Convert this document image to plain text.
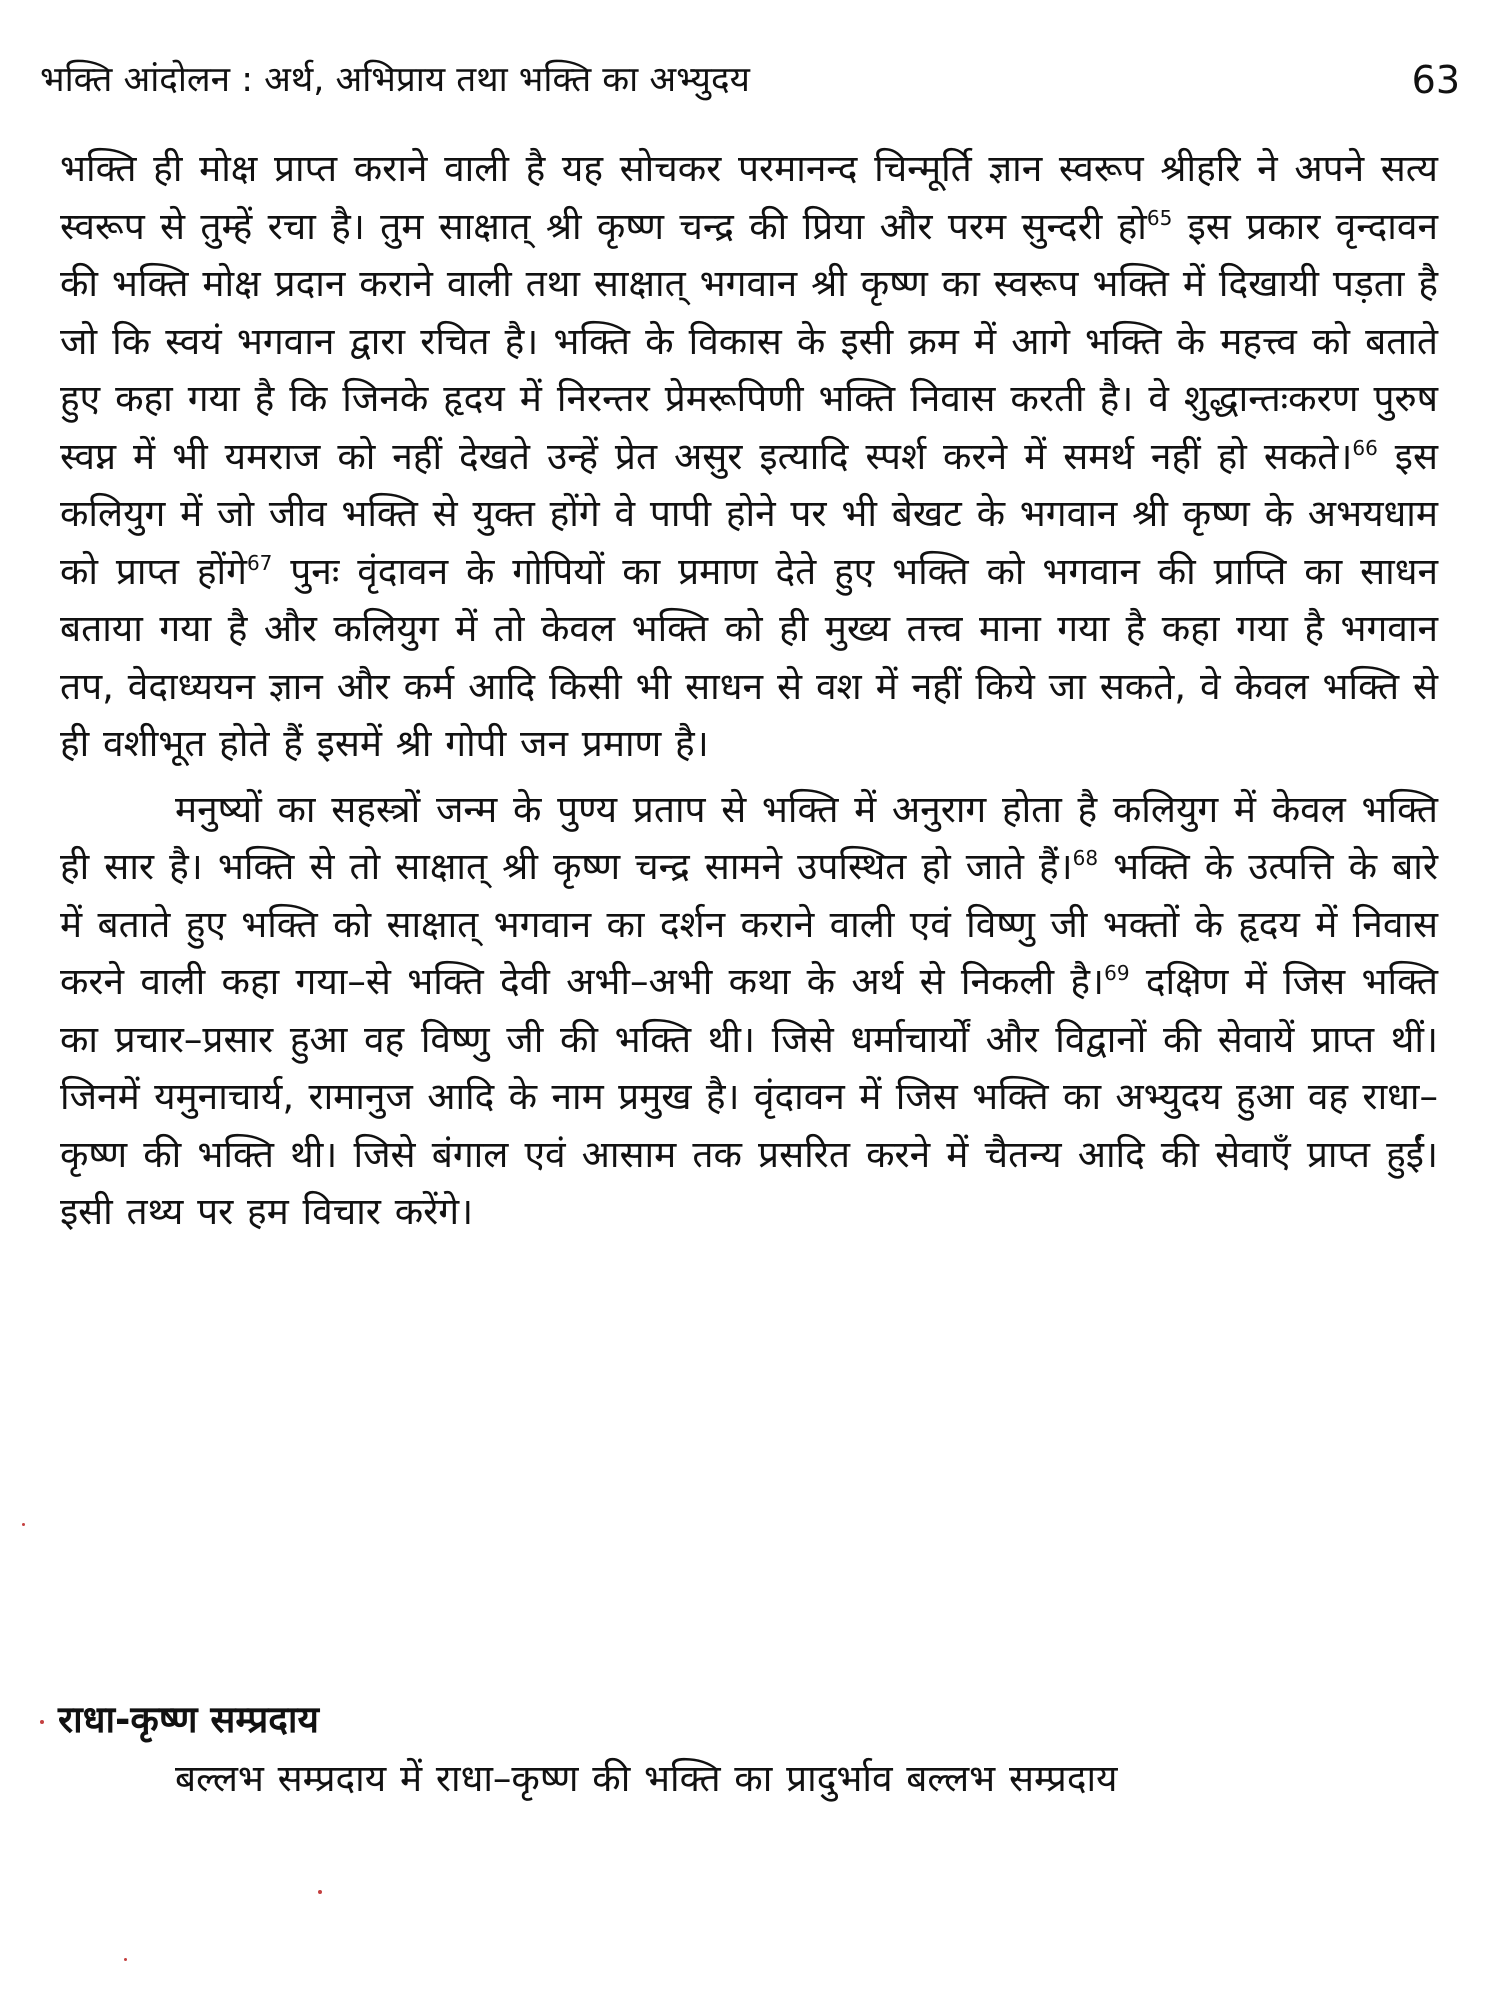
भक्ति आंदोलन : अर्थ, अभिप्राय तथा भक्ति का अभ्युदय	63

भक्ति ही मोक्ष प्राप्त कराने वाली है यह सोचकर परमानन्द चिन्मूर्ति ज्ञान स्वरूप श्रीहरि ने अपने सत्य स्वरूप से तुम्हें रचा है। तुम साक्षात् श्री कृष्ण चन्द्र की प्रिया और परम सुन्दरी हो$^{65}$ इस प्रकार वृन्दावन की भक्ति मोक्ष प्रदान कराने वाली तथा साक्षात् भगवान श्री कृष्ण का स्वरूप भक्ति में दिखायी पड़ता है जो कि स्वयं भगवान द्वारा रचित है। भक्ति के विकास के इसी क्रम में आगे भक्ति के महत्त्व को बताते हुए कहा गया है कि जिनके हृदय में निरन्तर प्रेमरूपिणी भक्ति निवास करती है। वे शुद्धान्तःकरण पुरुष स्वप्न में भी यमराज को नहीं देखते उन्हें प्रेत असुर इत्यादि स्पर्श करने में समर्थ नहीं हो सकते।$^{66}$ इस कलियुग में जो जीव भक्ति से युक्त होंगे वे पापी होने पर भी बेखट के भगवान श्री कृष्ण के अभयधाम को प्राप्त होंगे$^{67}$ पुनः वृंदावन के गोपियों का प्रमाण देते हुए भक्ति को भगवान की प्राप्ति का साधन बताया गया है और कलियुग में तो केवल भक्ति को ही मुख्य तत्त्व माना गया है कहा गया है भगवान तप, वेदाध्ययन ज्ञान और कर्म आदि किसी भी साधन से वश में नहीं किये जा सकते, वे केवल भक्ति से ही वशीभूत होते हैं इसमें श्री गोपी जन प्रमाण है।

मनुष्यों का सहस्त्रों जन्म के पुण्य प्रताप से भक्ति में अनुराग होता है कलियुग में केवल भक्ति ही सार है। भक्ति से तो साक्षात् श्री कृष्ण चन्द्र सामने उपस्थित हो जाते हैं।$^{68}$ भक्ति के उत्पत्ति के बारे में बताते हुए भक्ति को साक्षात् भगवान का दर्शन कराने वाली एवं विष्णु जी भक्तों के हृदय में निवास करने वाली कहा गया–से भक्ति देवी अभी–अभी कथा के अर्थ से निकली है।$^{69}$ दक्षिण में जिस भक्ति का प्रचार–प्रसार हुआ वह विष्णु जी की भक्ति थी। जिसे धर्माचार्यों और विद्वानों की सेवायें प्राप्त थीं। जिनमें यमुनाचार्य, रामानुज आदि के नाम प्रमुख है। वृंदावन में जिस भक्ति का अभ्युदय हुआ वह राधा–कृष्ण की भक्ति थी। जिसे बंगाल एवं आसाम तक प्रसरित करने में चैतन्य आदि की सेवाएँ प्राप्त हुईं। इसी तथ्य पर हम विचार करेंगे।

राधा-कृष्ण सम्प्रदाय

बल्लभ सम्प्रदाय में राधा–कृष्ण की भक्ति का प्रादुर्भाव बल्लभ सम्प्रदाय
